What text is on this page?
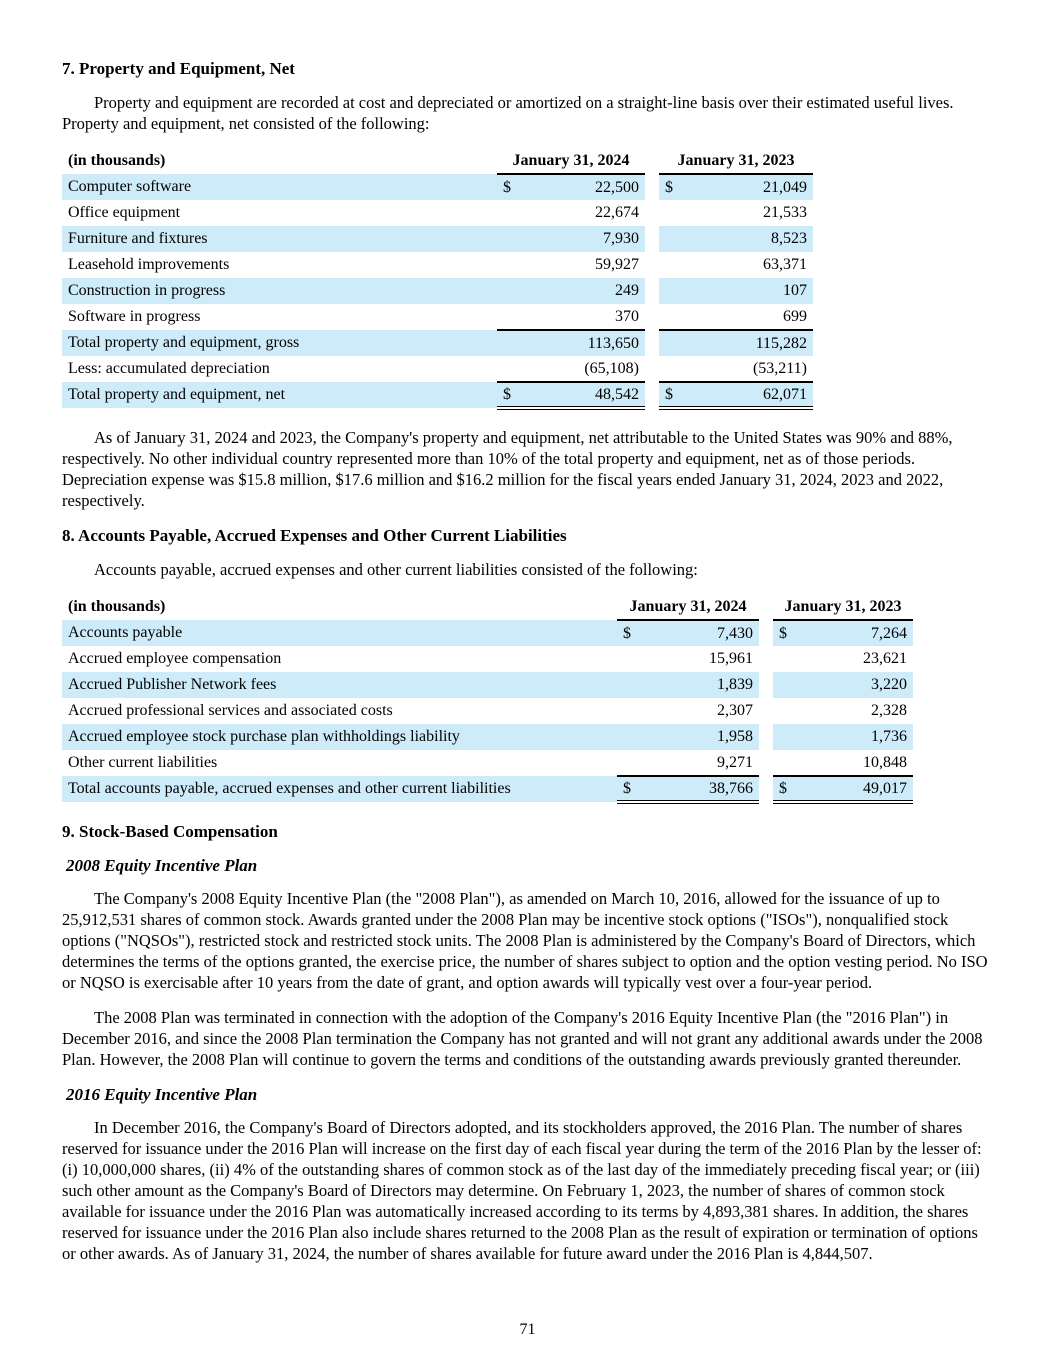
7. Property and Equipment, Net

Property and equipment are recorded at cost and depreciated or amortized on a straight-line basis over their estimated useful lives. Property and equipment, net consisted of the following:

(in thousands)	January 31, 2024			January 31, 2023	
Computer software	$	22,500		$	21,049
Office equipment		22,674			21,533
Furniture and fixtures		7,930			8,523
Leasehold improvements		59,927			63,371
Construction in progress		249			107
Software in progress		370			699
Total property and equipment, gross		113,650			115,282
Less: accumulated depreciation		(65,108)			(53,211)
Total property and equipment, net	$	48,542		$	62,071

As of January 31, 2024 and 2023, the Company's property and equipment, net attributable to the United States was 90% and 88%, respectively. No other individual country represented more than 10% of the total property and equipment, net as of those periods. Depreciation expense was $15.8 million, $17.6 million and $16.2 million for the fiscal years ended January 31, 2024, 2023 and 2022, respectively.

8. Accounts Payable, Accrued Expenses and Other Current Liabilities

Accounts payable, accrued expenses and other current liabilities consisted of the following:

(in thousands)	January 31, 2024			January 31, 2023	
Accounts payable	$	7,430		$	7,264
Accrued employee compensation		15,961			23,621
Accrued Publisher Network fees		1,839			3,220
Accrued professional services and associated costs		2,307			2,328
Accrued employee stock purchase plan withholdings liability		1,958			1,736
Other current liabilities		9,271			10,848
Total accounts payable, accrued expenses and other current liabilities	$	38,766		$	49,017
9. Stock-Based Compensation
2008 Equity Incentive Plan

The Company's 2008 Equity Incentive Plan (the "2008 Plan"), as amended on March 10, 2016, allowed for the issuance of up to 25,912,531 shares of common stock. Awards granted under the 2008 Plan may be incentive stock options ("ISOs"), nonqualified stock options ("NQSOs"), restricted stock and restricted stock units. The 2008 Plan is administered by the Company's Board of Directors, which determines the terms of the options granted, the exercise price, the number of shares subject to option and the option vesting period. No ISO or NQSO is exercisable after 10 years from the date of grant, and option awards will typically vest over a four-year period.

The 2008 Plan was terminated in connection with the adoption of the Company's 2016 Equity Incentive Plan (the "2016 Plan") in December 2016, and since the 2008 Plan termination the Company has not granted and will not grant any additional awards under the 2008 Plan. However, the 2008 Plan will continue to govern the terms and conditions of the outstanding awards previously granted thereunder.

2016 Equity Incentive Plan

In December 2016, the Company's Board of Directors adopted, and its stockholders approved, the 2016 Plan. The number of shares reserved for issuance under the 2016 Plan will increase on the first day of each fiscal year during the term of the 2016 Plan by the lesser of: (i) 10,000,000 shares, (ii) 4% of the outstanding shares of common stock as of the last day of the immediately preceding fiscal year; or (iii) such other amount as the Company's Board of Directors may determine. On February 1, 2023, the number of shares of common stock available for issuance under the 2016 Plan was automatically increased according to its terms by 4,893,381 shares. In addition, the shares reserved for issuance under the 2016 Plan also include shares returned to the 2008 Plan as the result of expiration or termination of options or other awards. As of January 31, 2024, the number of shares available for future award under the 2016 Plan is 4,844,507.

71
